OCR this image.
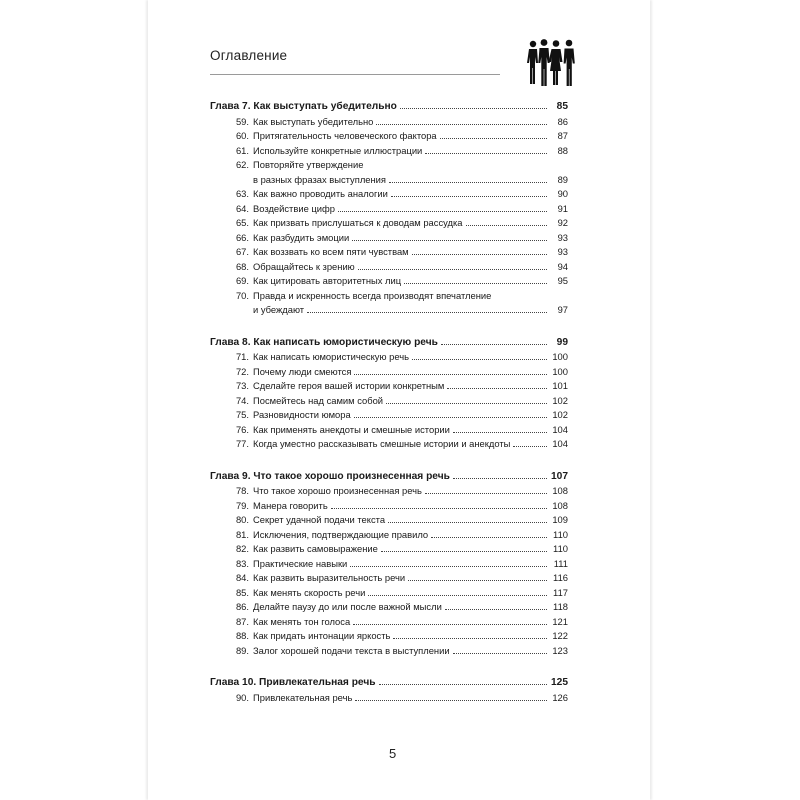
Оглавление
Глава 7. Как выступать убедительно	85
59. Как выступать убедительно	86
60. Притягательность человеческого фактора	87
61. Используйте конкретные иллюстрации	88
62. Повторяйте утверждение
в разных фразах выступления	89
63. Как важно проводить аналогии	90
64. Воздействие цифр	91
65. Как призвать прислушаться к доводам рассудка	92
66. Как разбудить эмоции	93
67. Как воззвать ко всем пяти чувствам	93
68. Обращайтесь к зрению	94
69. Как цитировать авторитетных лиц	95
70. Правда и искренность всегда производят впечатление
и убеждают	97
Глава 8. Как написать юмористическую речь	99
71. Как написать юмористическую речь	100
72. Почему люди смеются	100
73. Сделайте героя вашей истории конкретным	101
74. Посмейтесь над самим собой	102
75. Разновидности юмора	102
76. Как применять анекдоты и смешные истории	104
77. Когда уместно рассказывать смешные истории и анекдоты	104
Глава 9. Что такое хорошо произнесенная речь	107
78. Что такое хорошо произнесенная речь	108
79. Манера говорить	108
80. Секрет удачной подачи текста	109
81. Исключения, подтверждающие правило	110
82. Как развить самовыражение	110
83. Практические навыки	111
84. Как развить выразительность речи	116
85. Как менять скорость речи	117
86. Делайте паузу до или после важной мысли	118
87. Как менять тон голоса	121
88. Как придать интонации яркость	122
89. Залог хорошей подачи текста в выступлении	123
Глава 10. Привлекательная речь	125
90. Привлекательная речь	126
5
